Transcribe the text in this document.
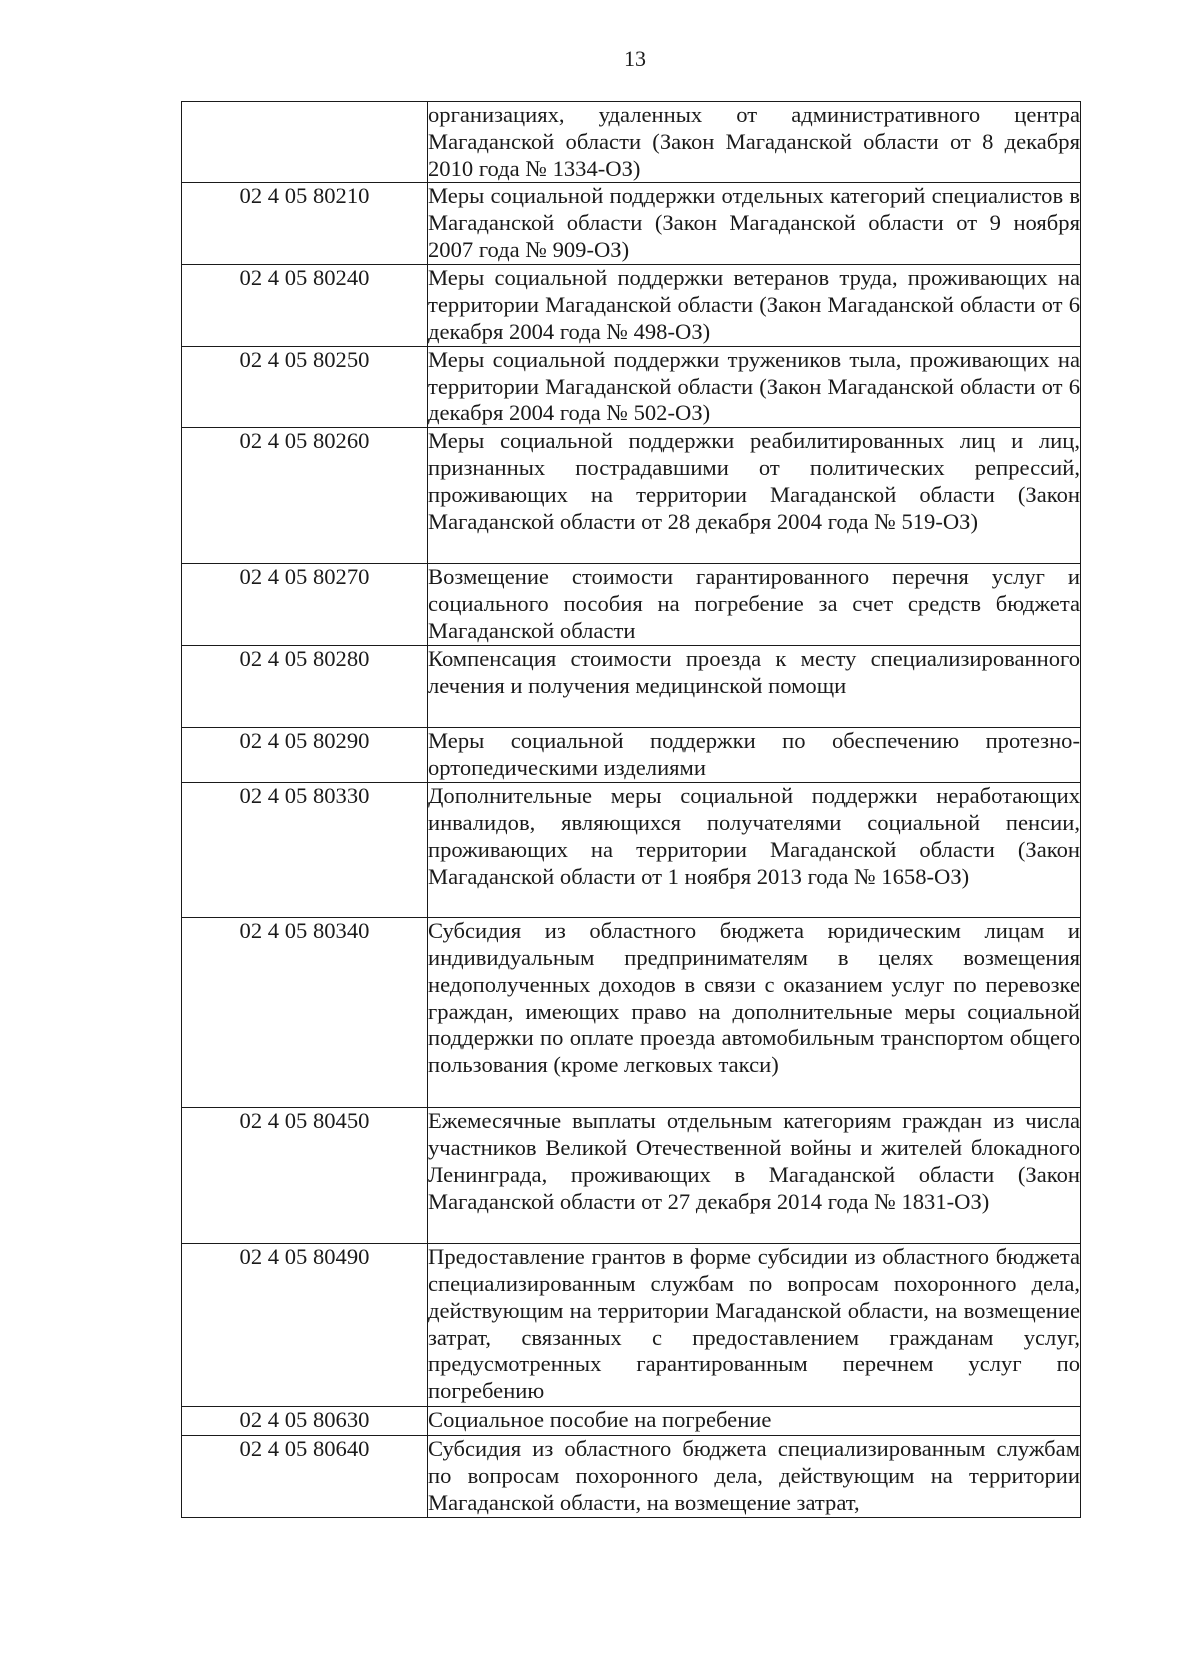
13
	организациях, удаленных от административного центра Магаданской области (Закон Магаданской области от 8 декабря 2010 года № 1334-ОЗ)
02 4 05 80210	Меры социальной поддержки отдельных категорий специалистов в Магаданской области (Закон Магаданской области от 9 ноября 2007 года № 909-ОЗ)
02 4 05 80240	Меры социальной поддержки ветеранов труда, проживающих на территории Магаданской области (Закон Магаданской области от 6 декабря 2004 года № 498-ОЗ)
02 4 05 80250	Меры социальной поддержки тружеников тыла, проживающих на территории Магаданской области (Закон Магаданской области от 6 декабря 2004 года № 502-ОЗ)
02 4 05 80260	Меры социальной поддержки реабилитированных лиц и лиц, признанных пострадавшими от политических репрессий, проживающих на территории Магаданской области (Закон Магаданской области от 28 декабря 2004 года № 519-ОЗ)
02 4 05 80270	Возмещение стоимости гарантированного перечня услуг и социального пособия на погребение за счет средств бюджета Магаданской области
02 4 05 80280	Компенсация стоимости проезда к месту специализированного лечения и получения медицинской помощи
02 4 05 80290	Меры социальной поддержки по обеспечению протезно-ортопедическими изделиями
02 4 05 80330	Дополнительные меры социальной поддержки неработающих инвалидов, являющихся получателями социальной пенсии, проживающих на территории Магаданской области (Закон Магаданской области от 1 ноября 2013 года № 1658-ОЗ)
02 4 05 80340	Субсидия из областного бюджета юридическим лицам и индивидуальным предпринимателям в целях возмещения недополученных доходов в связи с оказанием услуг по перевозке граждан, имеющих право на дополнительные меры социальной поддержки по оплате проезда автомобильным транспортом общего пользования (кроме легковых такси)
02 4 05 80450	Ежемесячные выплаты отдельным категориям граждан из числа участников Великой Отечественной войны и жителей блокадного Ленинграда, проживающих в Магаданской области (Закон Магаданской области от 27 декабря 2014 года № 1831-ОЗ)
02 4 05 80490	Предоставление грантов в форме субсидии из областного бюджета специализированным службам по вопросам похоронного дела, действующим на территории Магаданской области, на возмещение затрат, связанных с предоставлением гражданам услуг, предусмотренных гарантированным перечнем услуг по погребению
02 4 05 80630	Социальное пособие на погребение
02 4 05 80640	Субсидия из областного бюджета специализированным службам по вопросам похоронного дела, действующим на территории Магаданской области, на возмещение затрат,
